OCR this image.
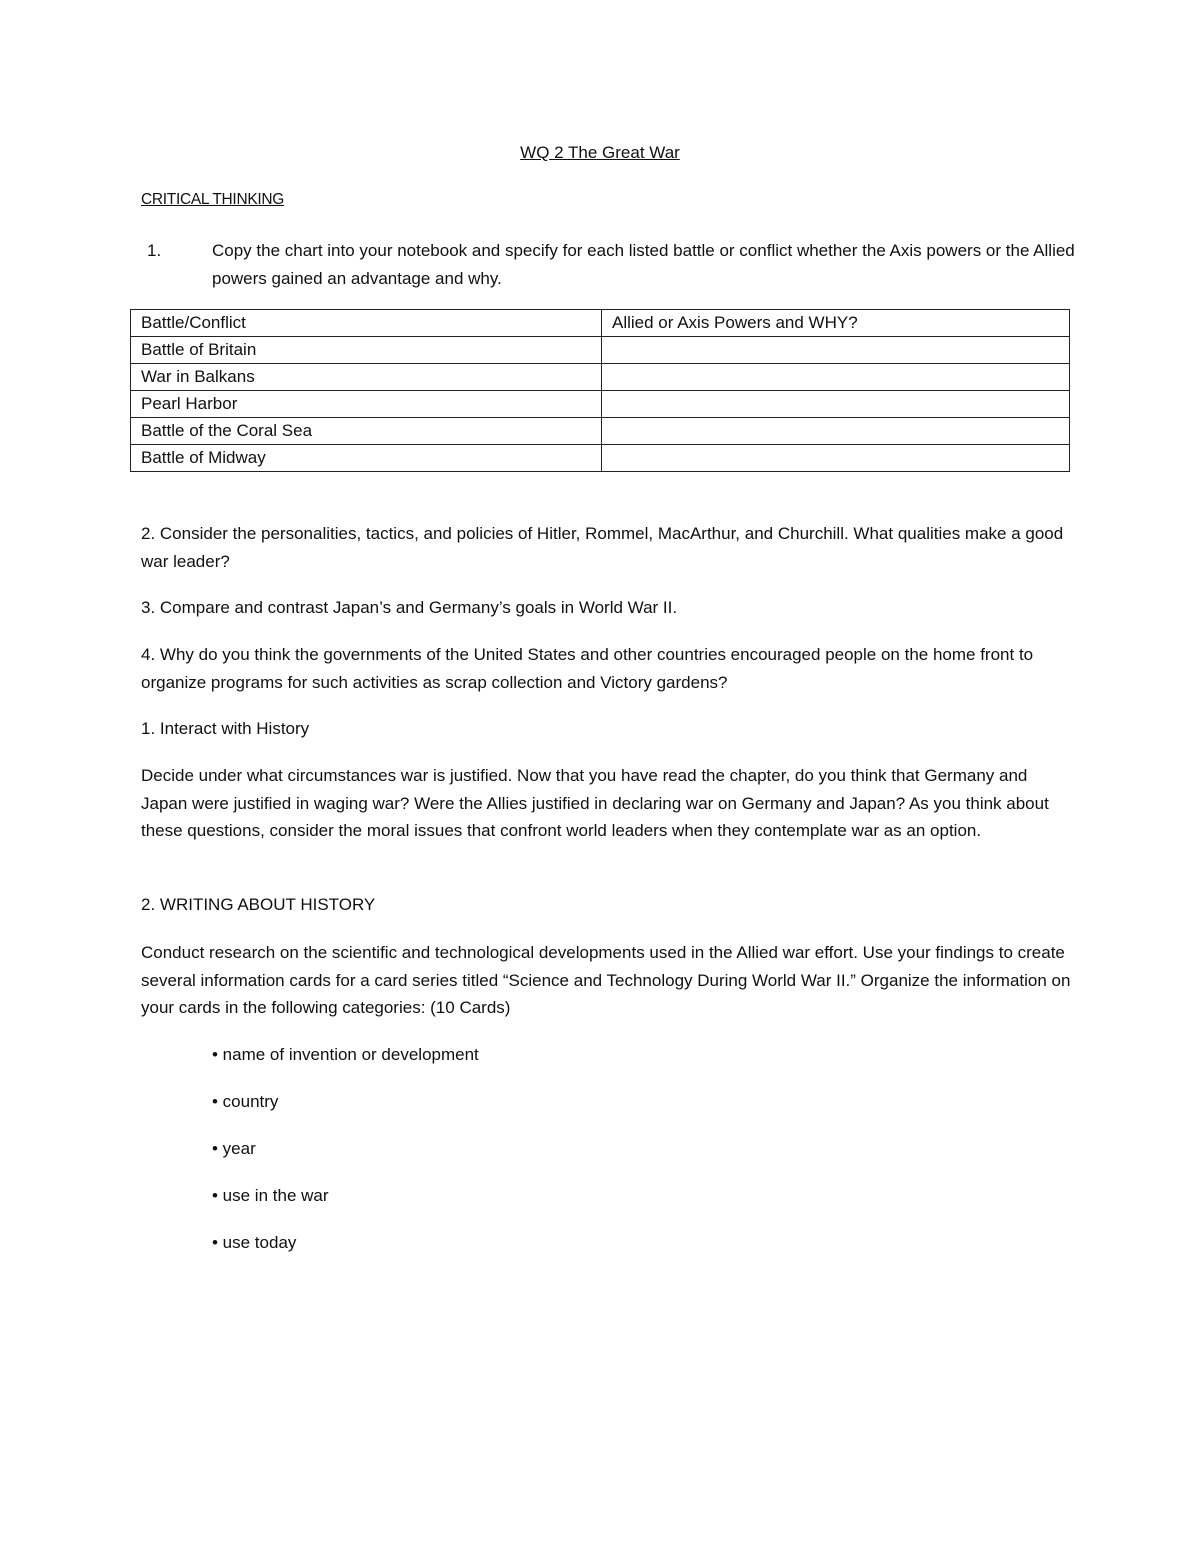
WQ 2 The Great War
CRITICAL THINKING
1.	Copy the chart into your notebook and specify for each listed battle or conflict whether the Axis powers or the Allied powers gained an advantage and why.
Battle/Conflict	Allied or Axis Powers and WHY?
Battle of Britain	
War in Balkans	
Pearl Harbor	
Battle of the Coral Sea	
Battle of Midway	
2. Consider the personalities, tactics, and policies of Hitler, Rommel, MacArthur, and Churchill. What qualities make a good war leader?
3. Compare and contrast Japan’s and Germany’s goals in World War II.
4. Why do you think the governments of the United States and other countries encouraged people on the home front to organize programs for such activities as scrap collection and Victory gardens?
1. Interact with History
Decide under what circumstances war is justified. Now that you have read the chapter, do you think that Germany and Japan were justified in waging war? Were the Allies justified in declaring war on Germany and Japan? As you think about these questions, consider the moral issues that confront world leaders when they contemplate war as an option.
2. WRITING ABOUT HISTORY
Conduct research on the scientific and technological developments used in the Allied war effort. Use your findings to create several information cards for a card series titled “Science and Technology During World War II.” Organize the information on your cards in the following categories: (10 Cards)
• name of invention or development
• country
• year
• use in the war
• use today
